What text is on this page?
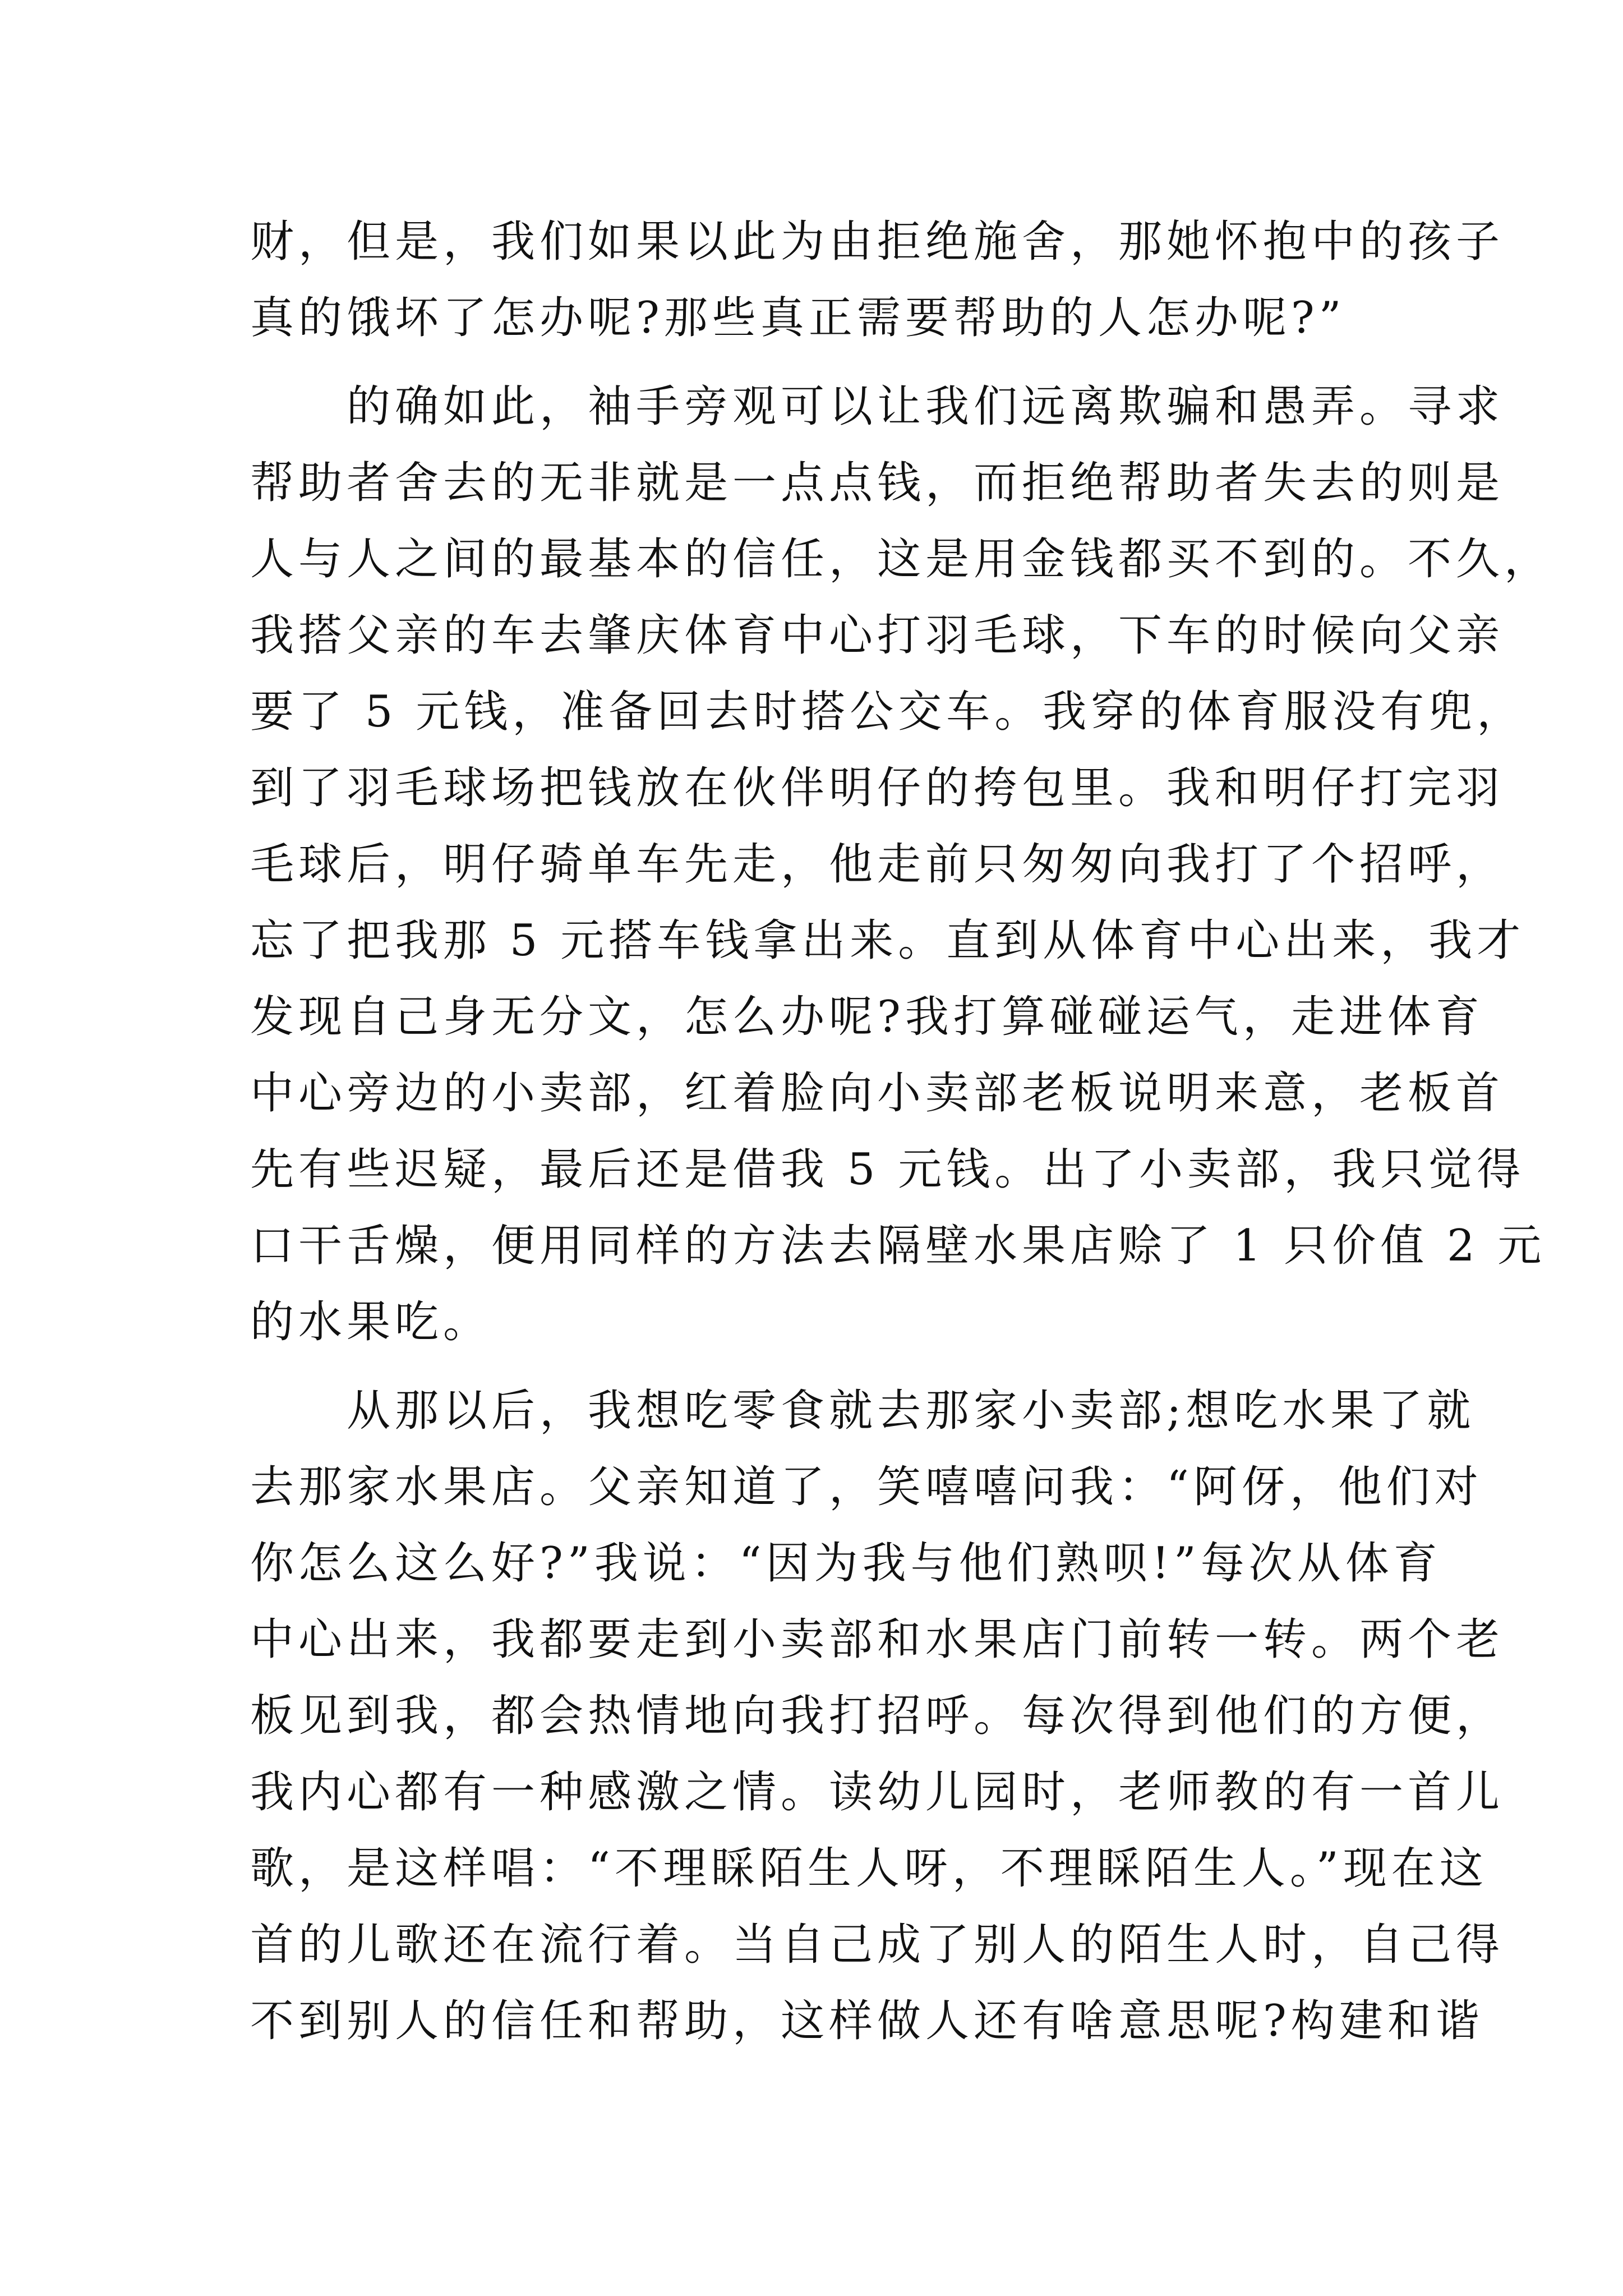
财，但是，我们如果以此为由拒绝施舍，那她怀抱中的孩子
真的饿坏了怎办呢?那些真正需要帮助的人怎办呢?”
　　的确如此，袖手旁观可以让我们远离欺骗和愚弄。寻求
帮助者舍去的无非就是一点点钱，而拒绝帮助者失去的则是
人与人之间的最基本的信任，这是用金钱都买不到的。不久，
我搭父亲的车去肇庆体育中心打羽毛球，下车的时候向父亲
要了 5 元钱，准备回去时搭公交车。我穿的体育服没有兜，
到了羽毛球场把钱放在伙伴明仔的挎包里。我和明仔打完羽
毛球后，明仔骑单车先走，他走前只匆匆向我打了个招呼，
忘了把我那 5 元搭车钱拿出来。直到从体育中心出来，我才
发现自己身无分文，怎么办呢?我打算碰碰运气，走进体育
中心旁边的小卖部，红着脸向小卖部老板说明来意，老板首
先有些迟疑，最后还是借我 5 元钱。出了小卖部，我只觉得
口干舌燥，便用同样的方法去隔壁水果店赊了 1 只价值 2 元
的水果吃。
　　从那以后，我想吃零食就去那家小卖部;想吃水果了就
去那家水果店。父亲知道了，笑嘻嘻问我：“阿伢，他们对
你怎么这么好?”我说：“因为我与他们熟呗!”每次从体育
中心出来，我都要走到小卖部和水果店门前转一转。两个老
板见到我，都会热情地向我打招呼。每次得到他们的方便，
我内心都有一种感激之情。读幼儿园时，老师教的有一首儿
歌，是这样唱：“不理睬陌生人呀，不理睬陌生人。”现在这
首的儿歌还在流行着。当自己成了别人的陌生人时，自己得
不到别人的信任和帮助，这样做人还有啥意思呢?构建和谐
